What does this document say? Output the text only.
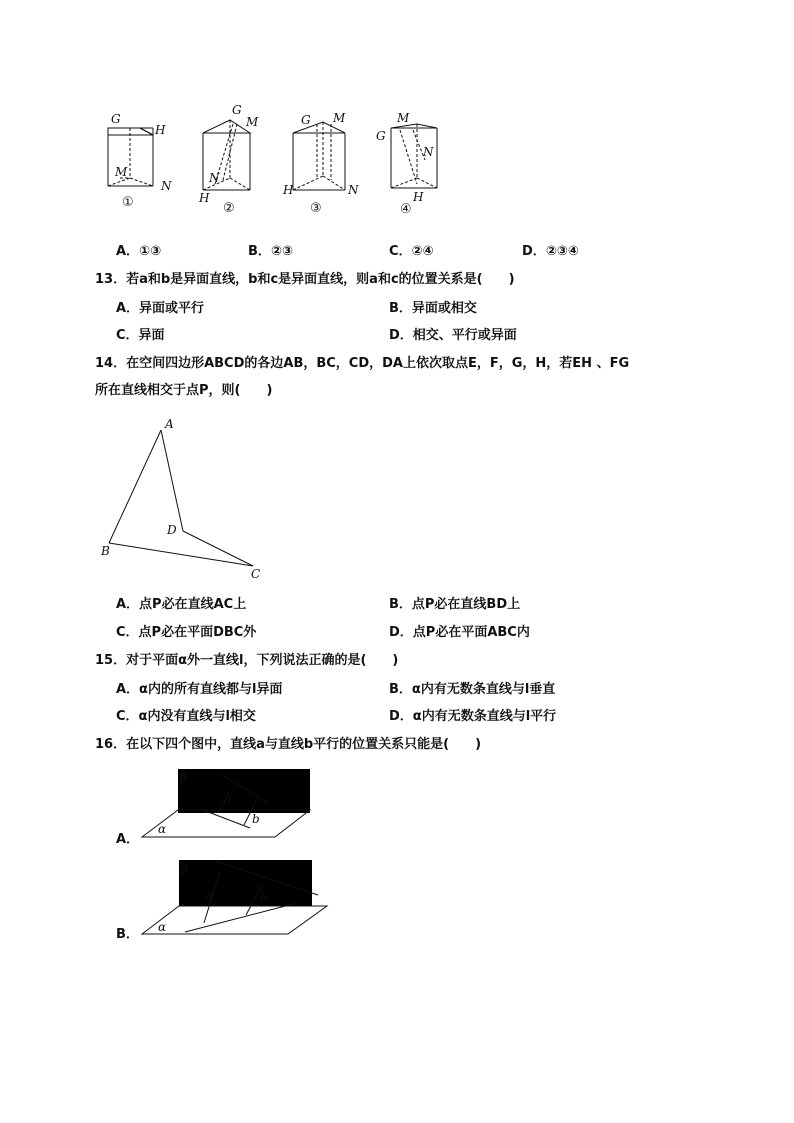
G
H
M
N
①
G
M
N
H
②
G M
H	N
③
G
M
N
H
④
A．①③	B．②③	C．②④	D．②③④
13．若a和b是异面直线，b和c是异面直线，则a和c的位置关系是(　　)
A．异面或平行	B．异面或相交
C．异面	D．相交、平行或异面
14．在空间四边形ABCD的各边AB，BC，CD，DA上依次取点E，F，G，H，若EH 、FG
所在直线相交于点P，则(　　)
A
B
C
D
A．点P必在直线AC上	B．点P必在直线BD上
C．点P必在平面DBC外	D．点P必在平面ABC内
15．对于平面α外一直线l，下列说法正确的是(　　)
A．α内的所有直线都与l异面	B．α内有无数条直线与l垂直
C．α内没有直线与l相交	D．α内有无数条直线与l平行
16．在以下四个图中，直线a与直线b平行的位置关系只能是(　　)
β
a
b
α
A．
β
a	b
α
B．
